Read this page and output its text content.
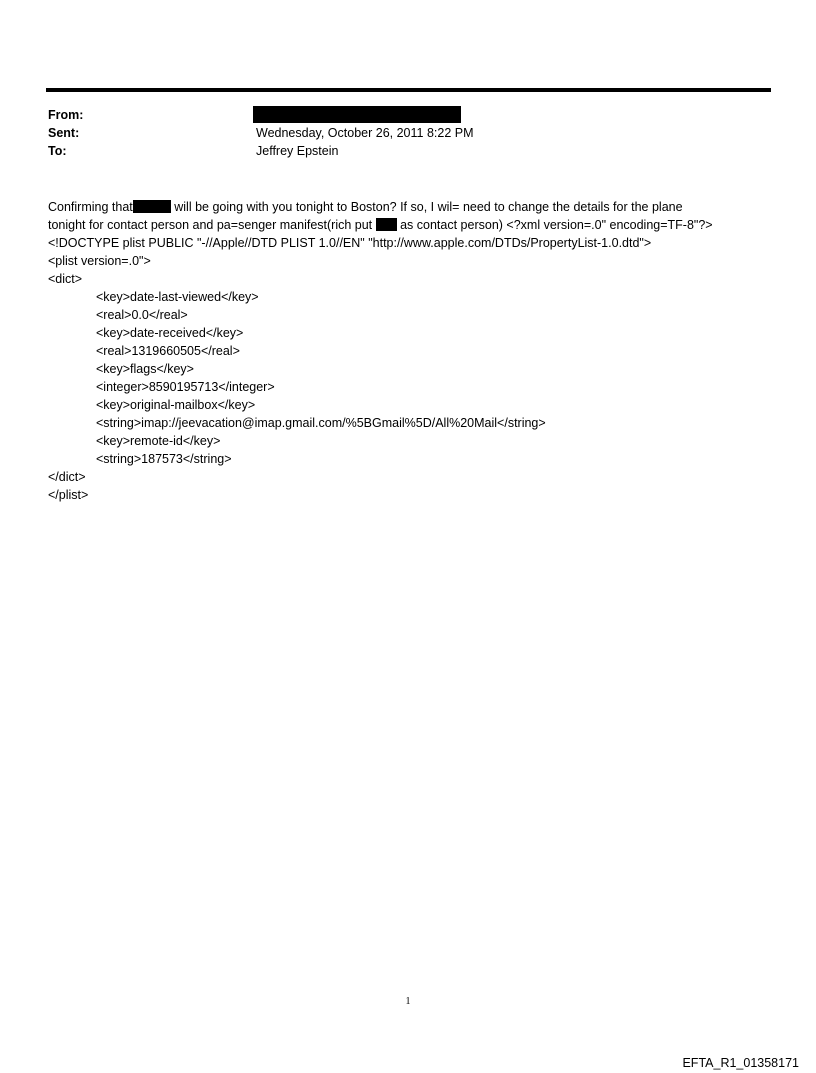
From:
Sent:	Wednesday, October 26, 2011 8:22 PM
To:	Jeffrey Epstein
Confirming that	will be going with you tonight to Boston? If so, I wil= need to change the details for the plane
tonight for contact person and pa=senger manifest(rich put  as contact person) <?xml version=.0" encoding=TF-8"?>
<!DOCTYPE plist PUBLIC "-//Apple//DTD PLIST 1.0//EN" "http://www.apple.com/DTDs/PropertyList-1.0.dtd">
<plist version=.0">
<dict>
<key>date-last-viewed</key>
<real>0.0</real>
<key>date-received</key>
<real>1319660505</real>
<key>flags</key>
<integer>8590195713</integer>
<key>original-mailbox</key>
<string>imap://jeevacation@imap.gmail.com/%5BGmail%5D/All%20Mail</string>
<key>remote-id</key>
<string>187573</string>
</dict>
</plist>
1
EFTA_R1_01358171
